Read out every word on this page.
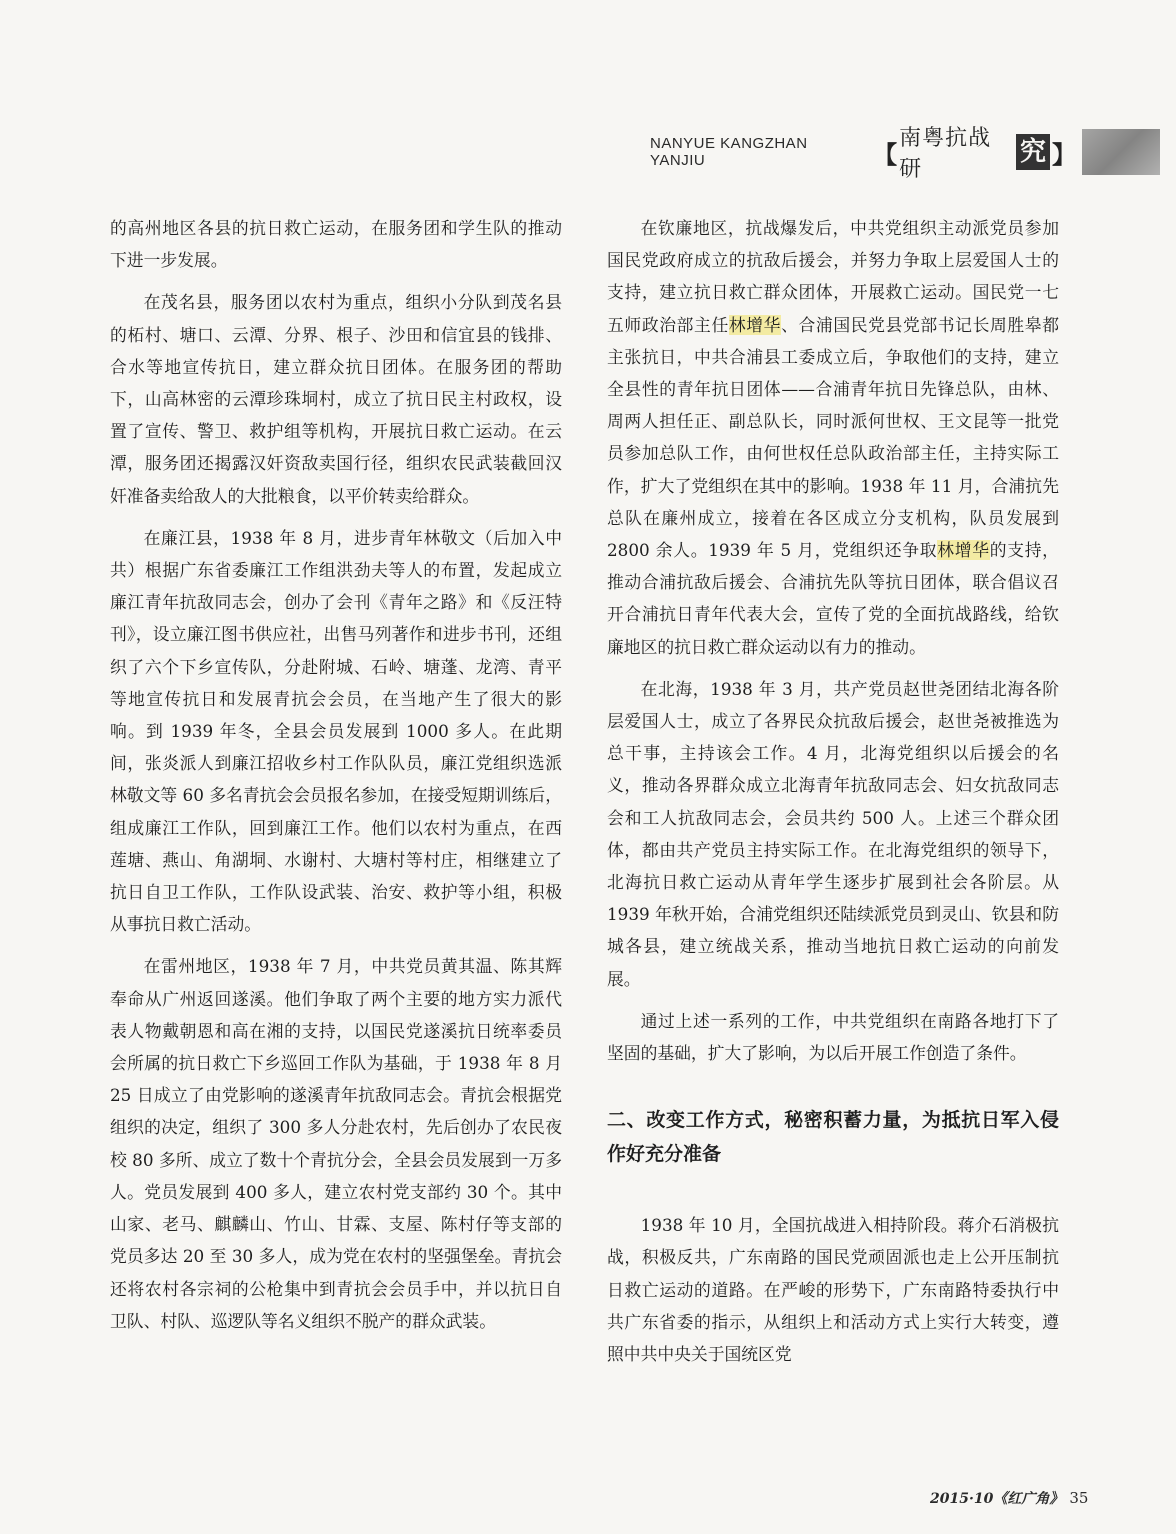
NANYUE KANGZHAN YANJIU	【
南粤抗战研
究 】

的高州地区各县的抗日救亡运动，在服务团和学生队的推动下进一步发展。

在茂名县，服务团以农村为重点，组织小分队到茂名县的柘村、塘口、云潭、分界、根子、沙田和信宜县的钱排、合水等地宣传抗日，建立群众抗日团体。在服务团的帮助下，山高林密的云潭珍珠垌村，成立了抗日民主村政权，设置了宣传、警卫、救护组等机构，开展抗日救亡运动。在云潭，服务团还揭露汉奸资敌卖国行径，组织农民武装截回汉奸准备卖给敌人的大批粮食，以平价转卖给群众。

在廉江县，1938 年 8 月，进步青年林敬文（后加入中共）根据广东省委廉江工作组洪劲夫等人的布置，发起成立廉江青年抗敌同志会，创办了会刊《青年之路》和《反汪特刊》，设立廉江图书供应社，出售马列著作和进步书刊，还组织了六个下乡宣传队，分赴附城、石岭、塘蓬、龙湾、青平等地宣传抗日和发展青抗会会员，在当地产生了很大的影响。到 1939 年冬，全县会员发展到 1000 多人。在此期间，张炎派人到廉江招收乡村工作队队员，廉江党组织选派林敬文等 60 多名青抗会会员报名参加，在接受短期训练后，组成廉江工作队，回到廉江工作。他们以农村为重点，在西莲塘、燕山、角湖垌、水谢村、大塘村等村庄，相继建立了抗日自卫工作队，工作队设武装、治安、救护等小组，积极从事抗日救亡活动。

在雷州地区，1938 年 7 月，中共党员黄其温、陈其辉奉命从广州返回遂溪。他们争取了两个主要的地方实力派代表人物戴朝恩和高在湘的支持，以国民党遂溪抗日统率委员会所属的抗日救亡下乡巡回工作队为基础，于 1938 年 8 月 25 日成立了由党影响的遂溪青年抗敌同志会。青抗会根据党组织的决定，组织了 300 多人分赴农村，先后创办了农民夜校 80 多所、成立了数十个青抗分会，全县会员发展到一万多人。党员发展到 400 多人，建立农村党支部约 30 个。其中山家、老马、麒麟山、竹山、甘霖、支屋、陈村仔等支部的党员多达 20 至 30 多人，成为党在农村的坚强堡垒。青抗会还将农村各宗祠的公枪集中到青抗会会员手中，并以抗日自卫队、村队、巡逻队等名义组织不脱产的群众武装。

在钦廉地区，抗战爆发后，中共党组织主动派党员参加国民党政府成立的抗敌后援会，并努力争取上层爱国人士的支持，建立抗日救亡群众团体，开展救亡运动。国民党一七五师政治部主任林增华、合浦国民党县党部书记长周胜皋都主张抗日，中共合浦县工委成立后，争取他们的支持，建立全县性的青年抗日团体——合浦青年抗日先锋总队，由林、周两人担任正、副总队长，同时派何世权、王文昆等一批党员参加总队工作，由何世权任总队政治部主任，主持实际工作，扩大了党组织在其中的影响。1938 年 11 月，合浦抗先总队在廉州成立，接着在各区成立分支机构，队员发展到 2800 余人。1939 年 5 月，党组织还争取林增华的支持，推动合浦抗敌后援会、合浦抗先队等抗日团体，联合倡议召开合浦抗日青年代表大会，宣传了党的全面抗战路线，给钦廉地区的抗日救亡群众运动以有力的推动。

在北海，1938 年 3 月，共产党员赵世尧团结北海各阶层爱国人士，成立了各界民众抗敌后援会，赵世尧被推选为总干事，主持该会工作。4 月，北海党组织以后援会的名义，推动各界群众成立北海青年抗敌同志会、妇女抗敌同志会和工人抗敌同志会，会员共约 500 人。上述三个群众团体，都由共产党员主持实际工作。在北海党组织的领导下，北海抗日救亡运动从青年学生逐步扩展到社会各阶层。从 1939 年秋开始，合浦党组织还陆续派党员到灵山、钦县和防城各县，建立统战关系，推动当地抗日救亡运动的向前发展。

通过上述一系列的工作，中共党组织在南路各地打下了坚固的基础，扩大了影响，为以后开展工作创造了条件。

二、改变工作方式，秘密积蓄力量，为抵抗日军入侵作好充分准备

1938 年 10 月，全国抗战进入相持阶段。蒋介石消极抗战，积极反共，广东南路的国民党顽固派也走上公开压制抗日救亡运动的道路。在严峻的形势下，广东南路特委执行中共广东省委的指示，从组织上和活动方式上实行大转变，遵照中共中央关于国统区党

2015·10《红广角》 35
